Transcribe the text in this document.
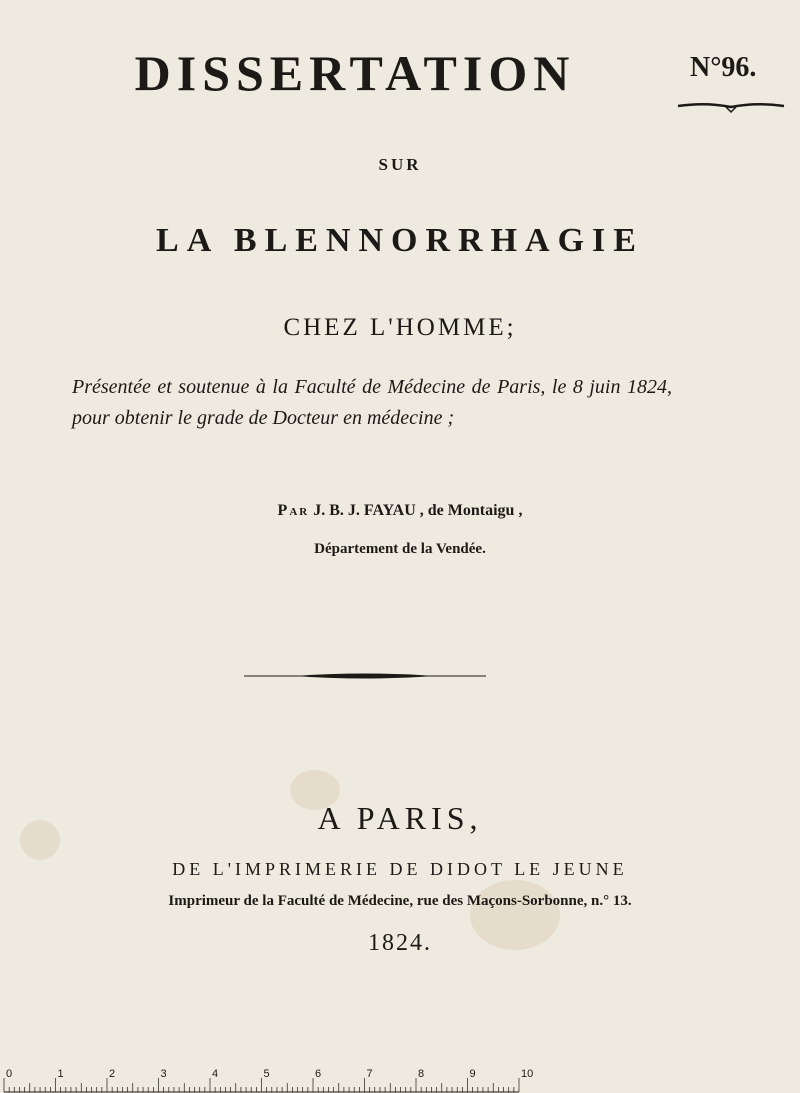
DISSERTATION	N°96.
SUR
LA BLENNORRHAGIE
CHEZ L'HOMME;
Présentée et soutenue à la Faculté de Médecine de Paris, le 8 juin 1824, pour obtenir le grade de Docteur en médecine ;
Par J. B. J. FAYAU , de Montaigu ,
Département de la Vendée.
A PARIS,
DE L'IMPRIMERIE DE DIDOT LE JEUNE
Imprimeur de la Faculté de Médecine, rue des Maçons-Sorbonne, n.° 13.
1824.
0	1	2	3	4	5	6	7	8	9	10
